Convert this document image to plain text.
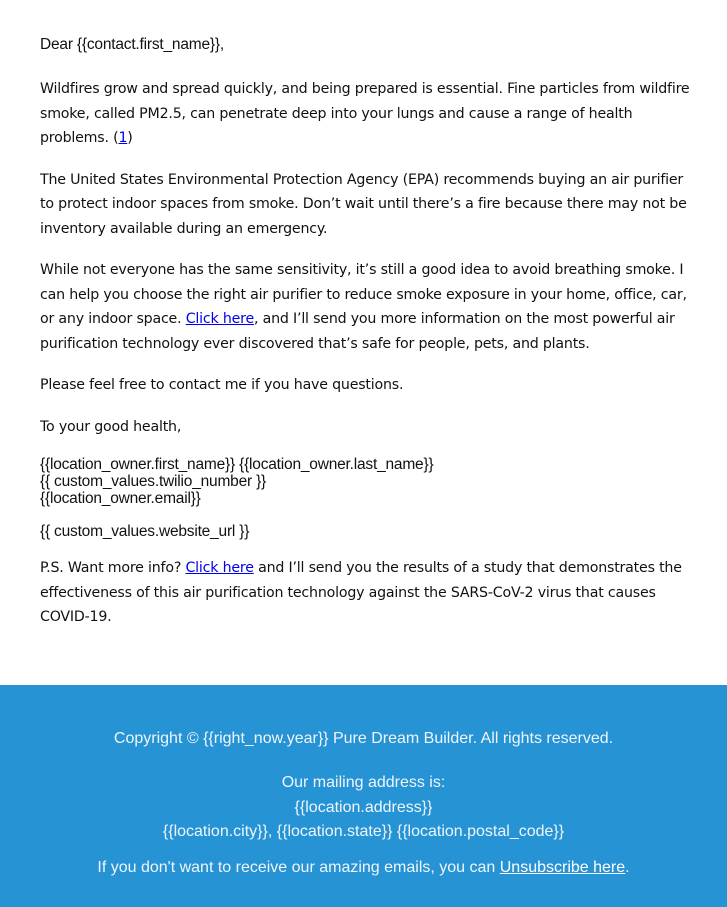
Dear {{contact.first_name}},

Wildfires grow and spread quickly, and being prepared is essential. Fine particles from wildfire smoke, called PM2.5, can penetrate deep into your lungs and cause a range of health problems. (1)

The United States Environmental Protection Agency (EPA) recommends buying an air purifier to protect indoor spaces from smoke. Don’t wait until there’s a fire because there may not be inventory available during an emergency.

While not everyone has the same sensitivity, it’s still a good idea to avoid breathing smoke. I can help you choose the right air purifier to reduce smoke exposure in your home, office, car, or any indoor space. Click here, and I’ll send you more information on the most powerful air purification technology ever discovered that’s safe for people, pets, and plants.

Please feel free to contact me if you have questions.

To your good health,

{{location_owner.first_name}} {{location_owner.last_name}}
{{ custom_values.twilio_number }}
{{location_owner.email}}
{{ custom_values.website_url }}

P.S. Want more info? Click here and I’ll send you the results of a study that demonstrates the effectiveness of this air purification technology against the SARS-CoV-2 virus that causes COVID-19.

Copyright © {{right_now.year}} Pure Dream Builder. All rights reserved.
Our mailing address is:
{{location.address}}
{{location.city}}, {{location.state}} {{location.postal_code}}
If you don't want to receive our amazing emails, you can Unsubscribe here.
